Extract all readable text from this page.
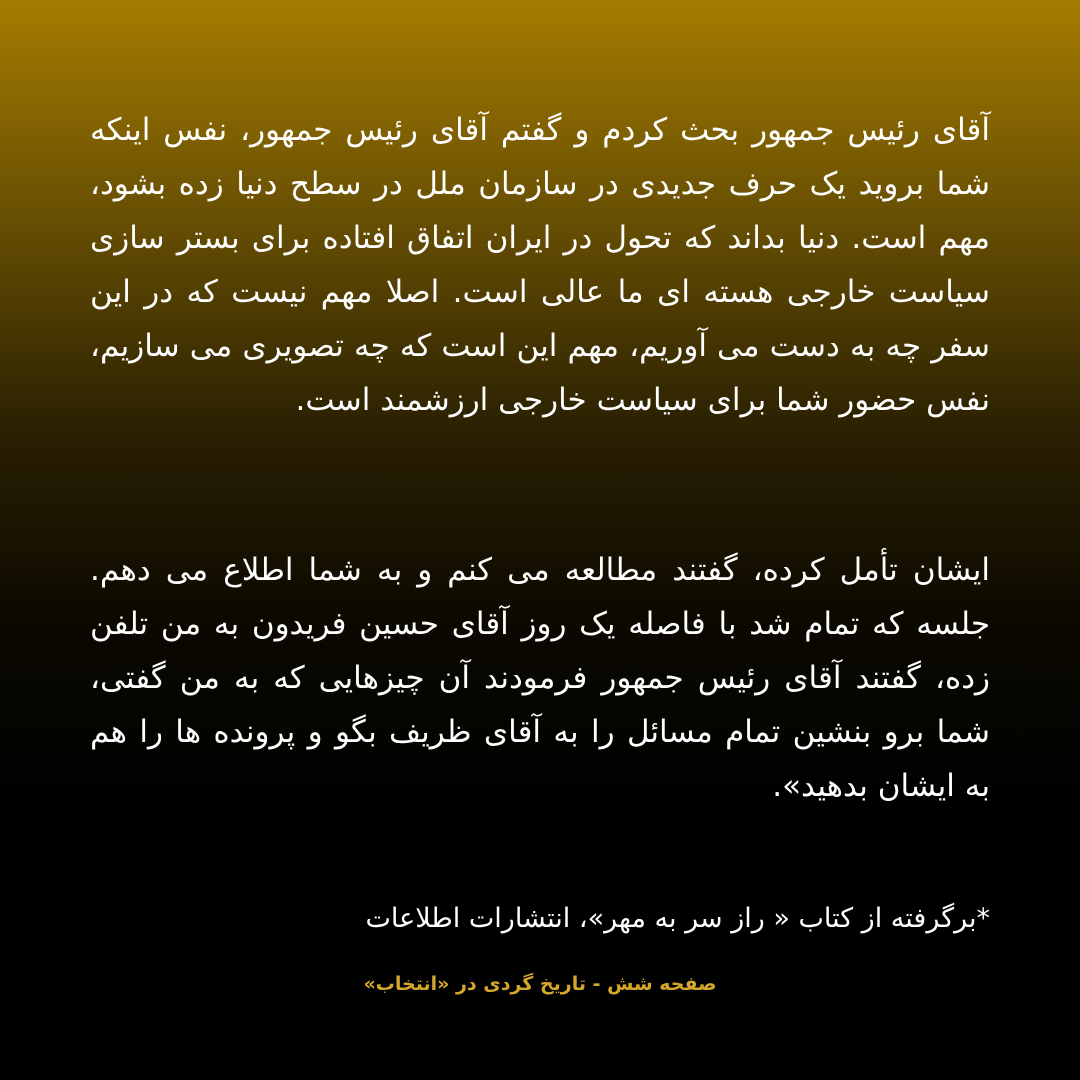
آقای رئیس جمهور بحث کردم و گفتم آقای رئیس جمهور، نفس اینکه شما بروید یک حرف جدیدی در سازمان ملل در سطح دنیا زده بشود، مهم است. دنیا بداند که تحول در ایران اتفاق افتاده برای بستر سازی سیاست خارجی هسته ای ما عالی است. اصلا مهم نیست که در این سفر چه به دست می آوریم، مهم این است که چه تصویری می سازیم، نفس حضور شما برای سیاست خارجی ارزشمند است.

ایشان تأمل کرده، گفتند مطالعه می کنم و به شما اطلاع می دهم. جلسه که تمام شد با فاصله یک روز آقای حسین فریدون به من تلفن زده، گفتند آقای رئیس جمهور فرمودند آن چیزهایی که به من گفتی، شما برو بنشین تمام مسائل را به آقای ظریف بگو و پرونده ها را هم به ایشان بدهید».

*برگرفته از کتاب « راز سر به مهر»، انتشارات اطلاعات
صفحه شش - تاریخ گردی در «انتخاب»
